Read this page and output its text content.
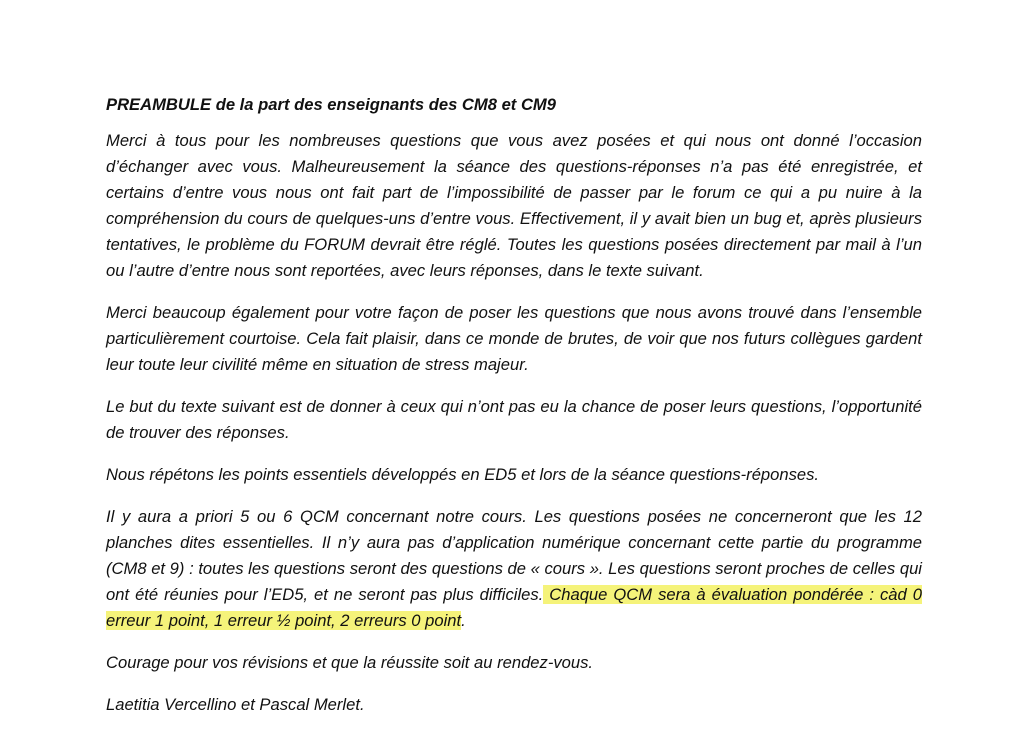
PREAMBULE de la part des enseignants des CM8 et CM9

Merci à tous pour les nombreuses questions que vous avez posées et qui nous ont donné l’occasion d’échanger avec vous. Malheureusement la séance des questions-réponses n’a pas été enregistrée, et certains d’entre vous nous ont fait part de l’impossibilité de passer par le forum ce qui a pu nuire à la compréhension du cours de quelques-uns d’entre vous. Effectivement, il y avait bien un bug et, après plusieurs tentatives, le problème du FORUM devrait être réglé. Toutes les questions posées directement par mail à l’un ou l’autre d’entre nous sont reportées, avec leurs réponses, dans le texte suivant.

Merci beaucoup également pour votre façon de poser les questions que nous avons trouvé dans l’ensemble particulièrement courtoise. Cela fait plaisir, dans ce monde de brutes, de voir que nos futurs collègues gardent leur toute leur civilité même en situation de stress majeur.

Le but du texte suivant est de donner à ceux qui n’ont pas eu la chance de poser leurs questions, l’opportunité de trouver des réponses.

Nous répétons les points essentiels développés en ED5 et lors de la séance questions-réponses.

Il y aura a priori 5 ou 6 QCM concernant notre cours. Les questions posées ne concerneront que les 12 planches dites essentielles. Il n’y aura pas d’application numérique concernant cette partie du programme (CM8 et 9) : toutes les questions seront des questions de « cours ». Les questions seront proches de celles qui ont été réunies pour l’ED5, et ne seront pas plus difficiles. Chaque QCM sera à évaluation pondérée : càd 0 erreur 1 point, 1 erreur ½ point, 2 erreurs 0 point.

Courage pour vos révisions et que la réussite soit au rendez-vous.

Laetitia Vercellino et Pascal Merlet.
